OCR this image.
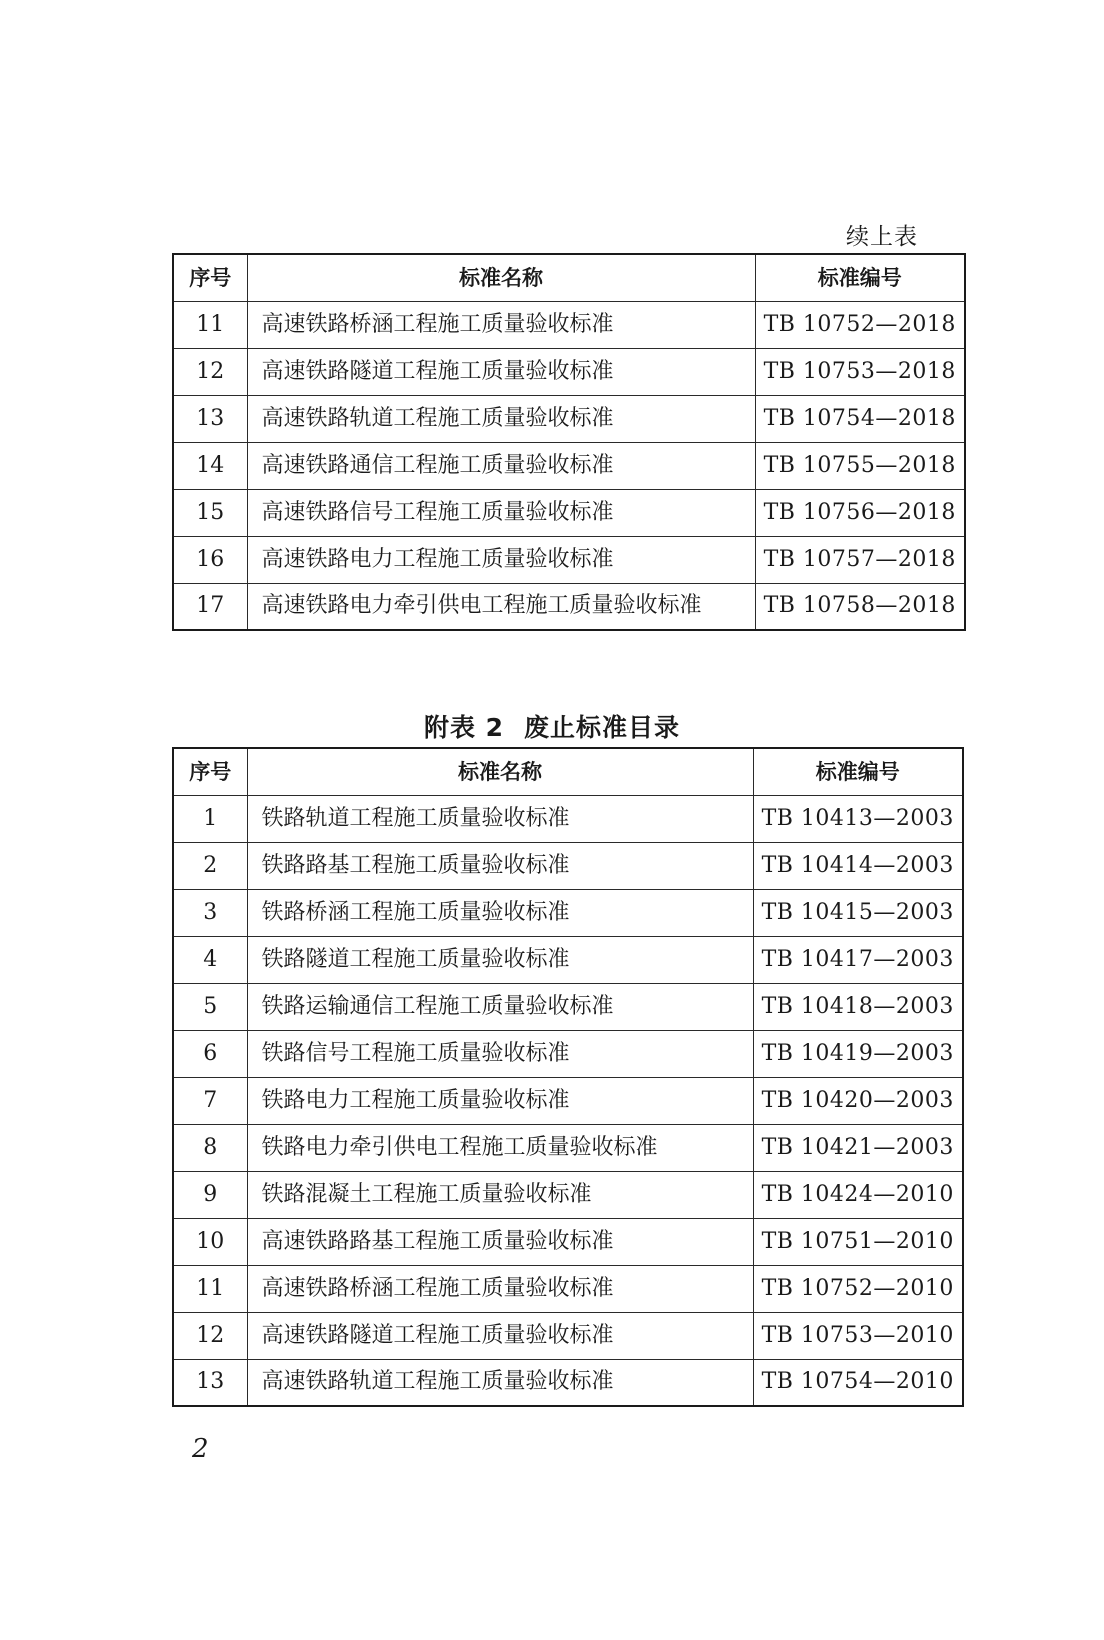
续上表
序号	标准名称	标准编号
11	高速铁路桥涵工程施工质量验收标准	TB 10752—2018
12	高速铁路隧道工程施工质量验收标准	TB 10753—2018
13	高速铁路轨道工程施工质量验收标准	TB 10754—2018
14	高速铁路通信工程施工质量验收标准	TB 10755—2018
15	高速铁路信号工程施工质量验收标准	TB 10756—2018
16	高速铁路电力工程施工质量验收标准	TB 10757—2018
17	高速铁路电力牵引供电工程施工质量验收标准	TB 10758—2018
附表 2 废止标准目录
序号	标准名称	标准编号
1	铁路轨道工程施工质量验收标准	TB 10413—2003
2	铁路路基工程施工质量验收标准	TB 10414—2003
3	铁路桥涵工程施工质量验收标准	TB 10415—2003
4	铁路隧道工程施工质量验收标准	TB 10417—2003
5	铁路运输通信工程施工质量验收标准	TB 10418—2003
6	铁路信号工程施工质量验收标准	TB 10419—2003
7	铁路电力工程施工质量验收标准	TB 10420—2003
8	铁路电力牵引供电工程施工质量验收标准	TB 10421—2003
9	铁路混凝土工程施工质量验收标准	TB 10424—2010
10	高速铁路路基工程施工质量验收标准	TB 10751—2010
11	高速铁路桥涵工程施工质量验收标准	TB 10752—2010
12	高速铁路隧道工程施工质量验收标准	TB 10753—2010
13	高速铁路轨道工程施工质量验收标准	TB 10754—2010
2
